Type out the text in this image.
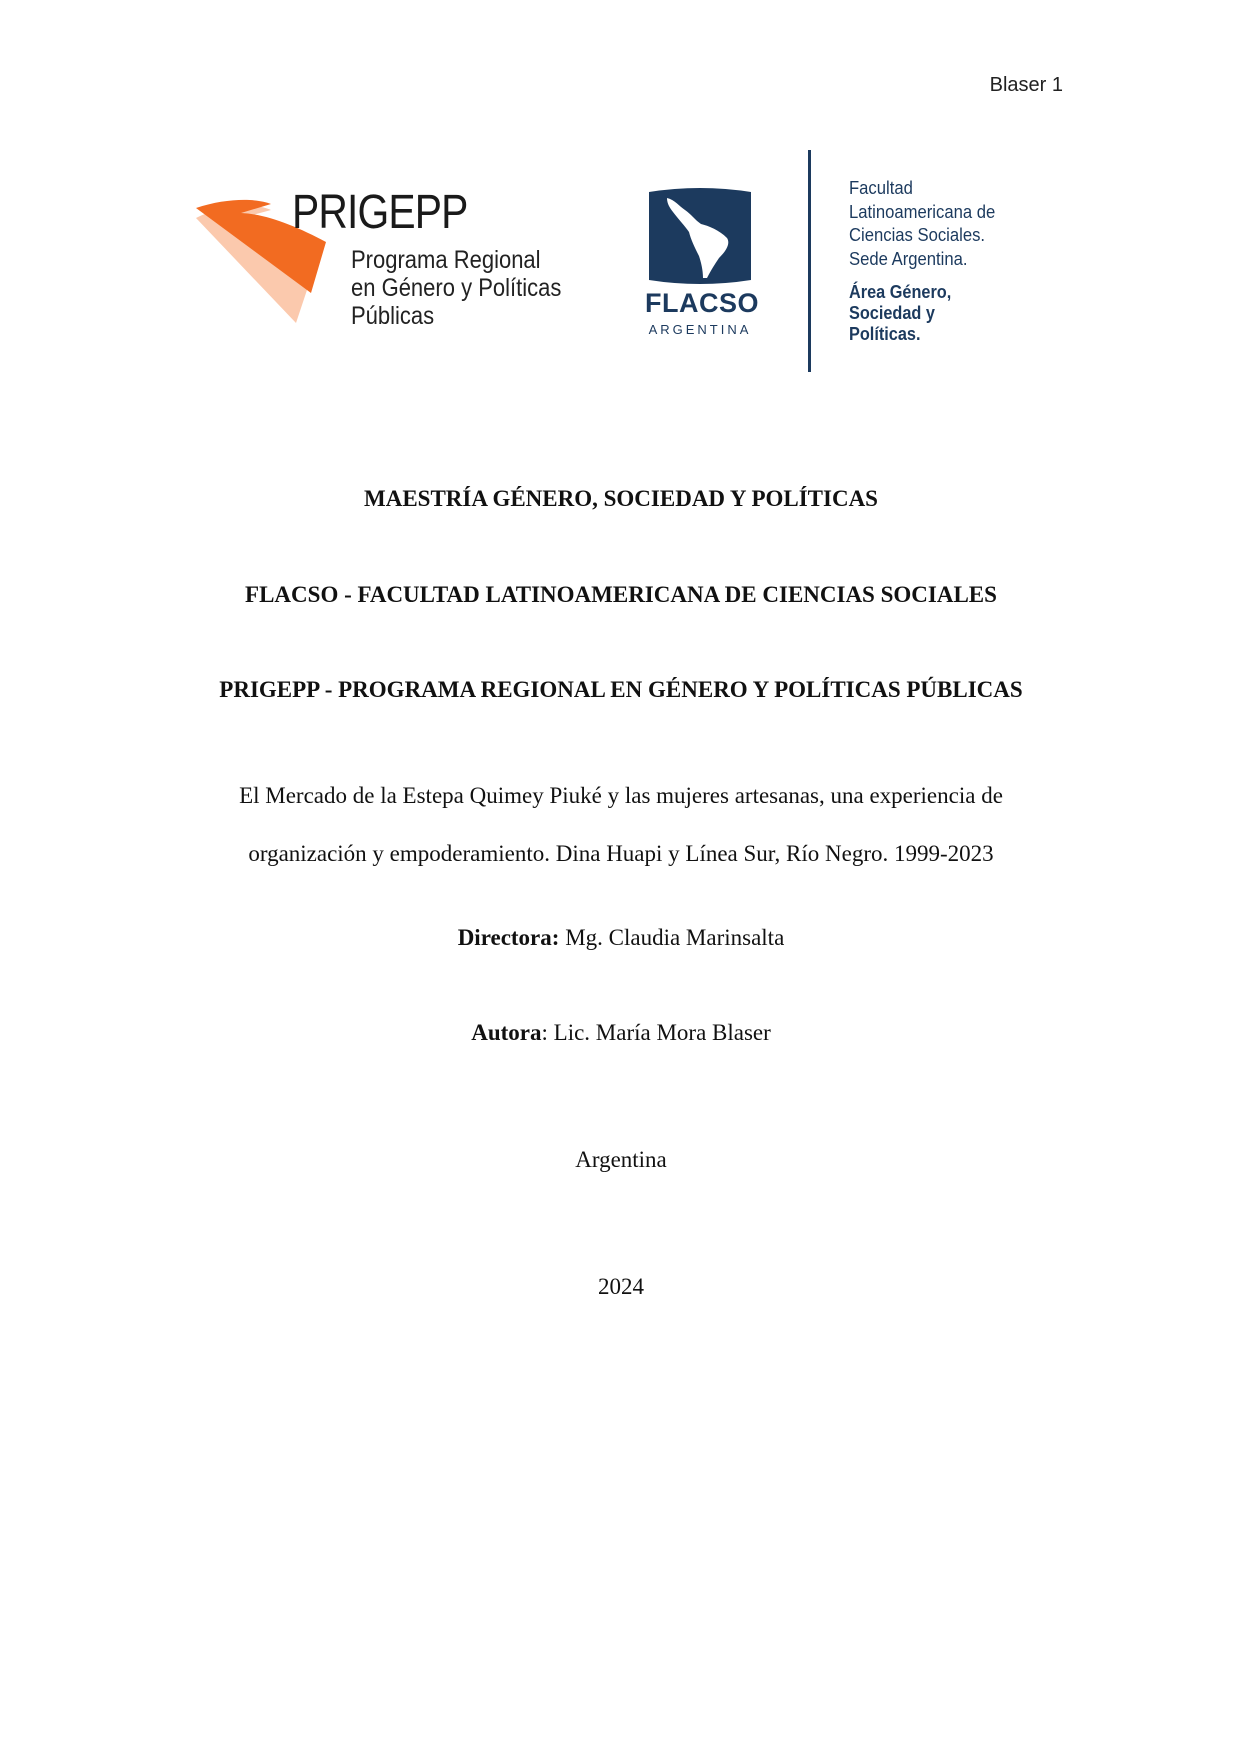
Blaser 1
PRIGEPP
Programa Regional
en Género y Políticas
Públicas	FLACSO
ARGENTINA
Facultad
Latinoamericana de
Ciencias Sociales.
Sede Argentina.
Área Género,
Sociedad y
Políticas.
MAESTRÍA GÉNERO, SOCIEDAD Y POLÍTICAS
FLACSO - FACULTAD LATINOAMERICANA DE CIENCIAS SOCIALES
PRIGEPP - PROGRAMA REGIONAL EN GÉNERO Y POLÍTICAS PÚBLICAS
El Mercado de la Estepa Quimey Piuké y las mujeres artesanas, una experiencia de
organización y empoderamiento. Dina Huapi y Línea Sur, Río Negro. 1999-2023
Directora: Mg. Claudia Marinsalta
Autora: Lic. María Mora Blaser
Argentina
2024
